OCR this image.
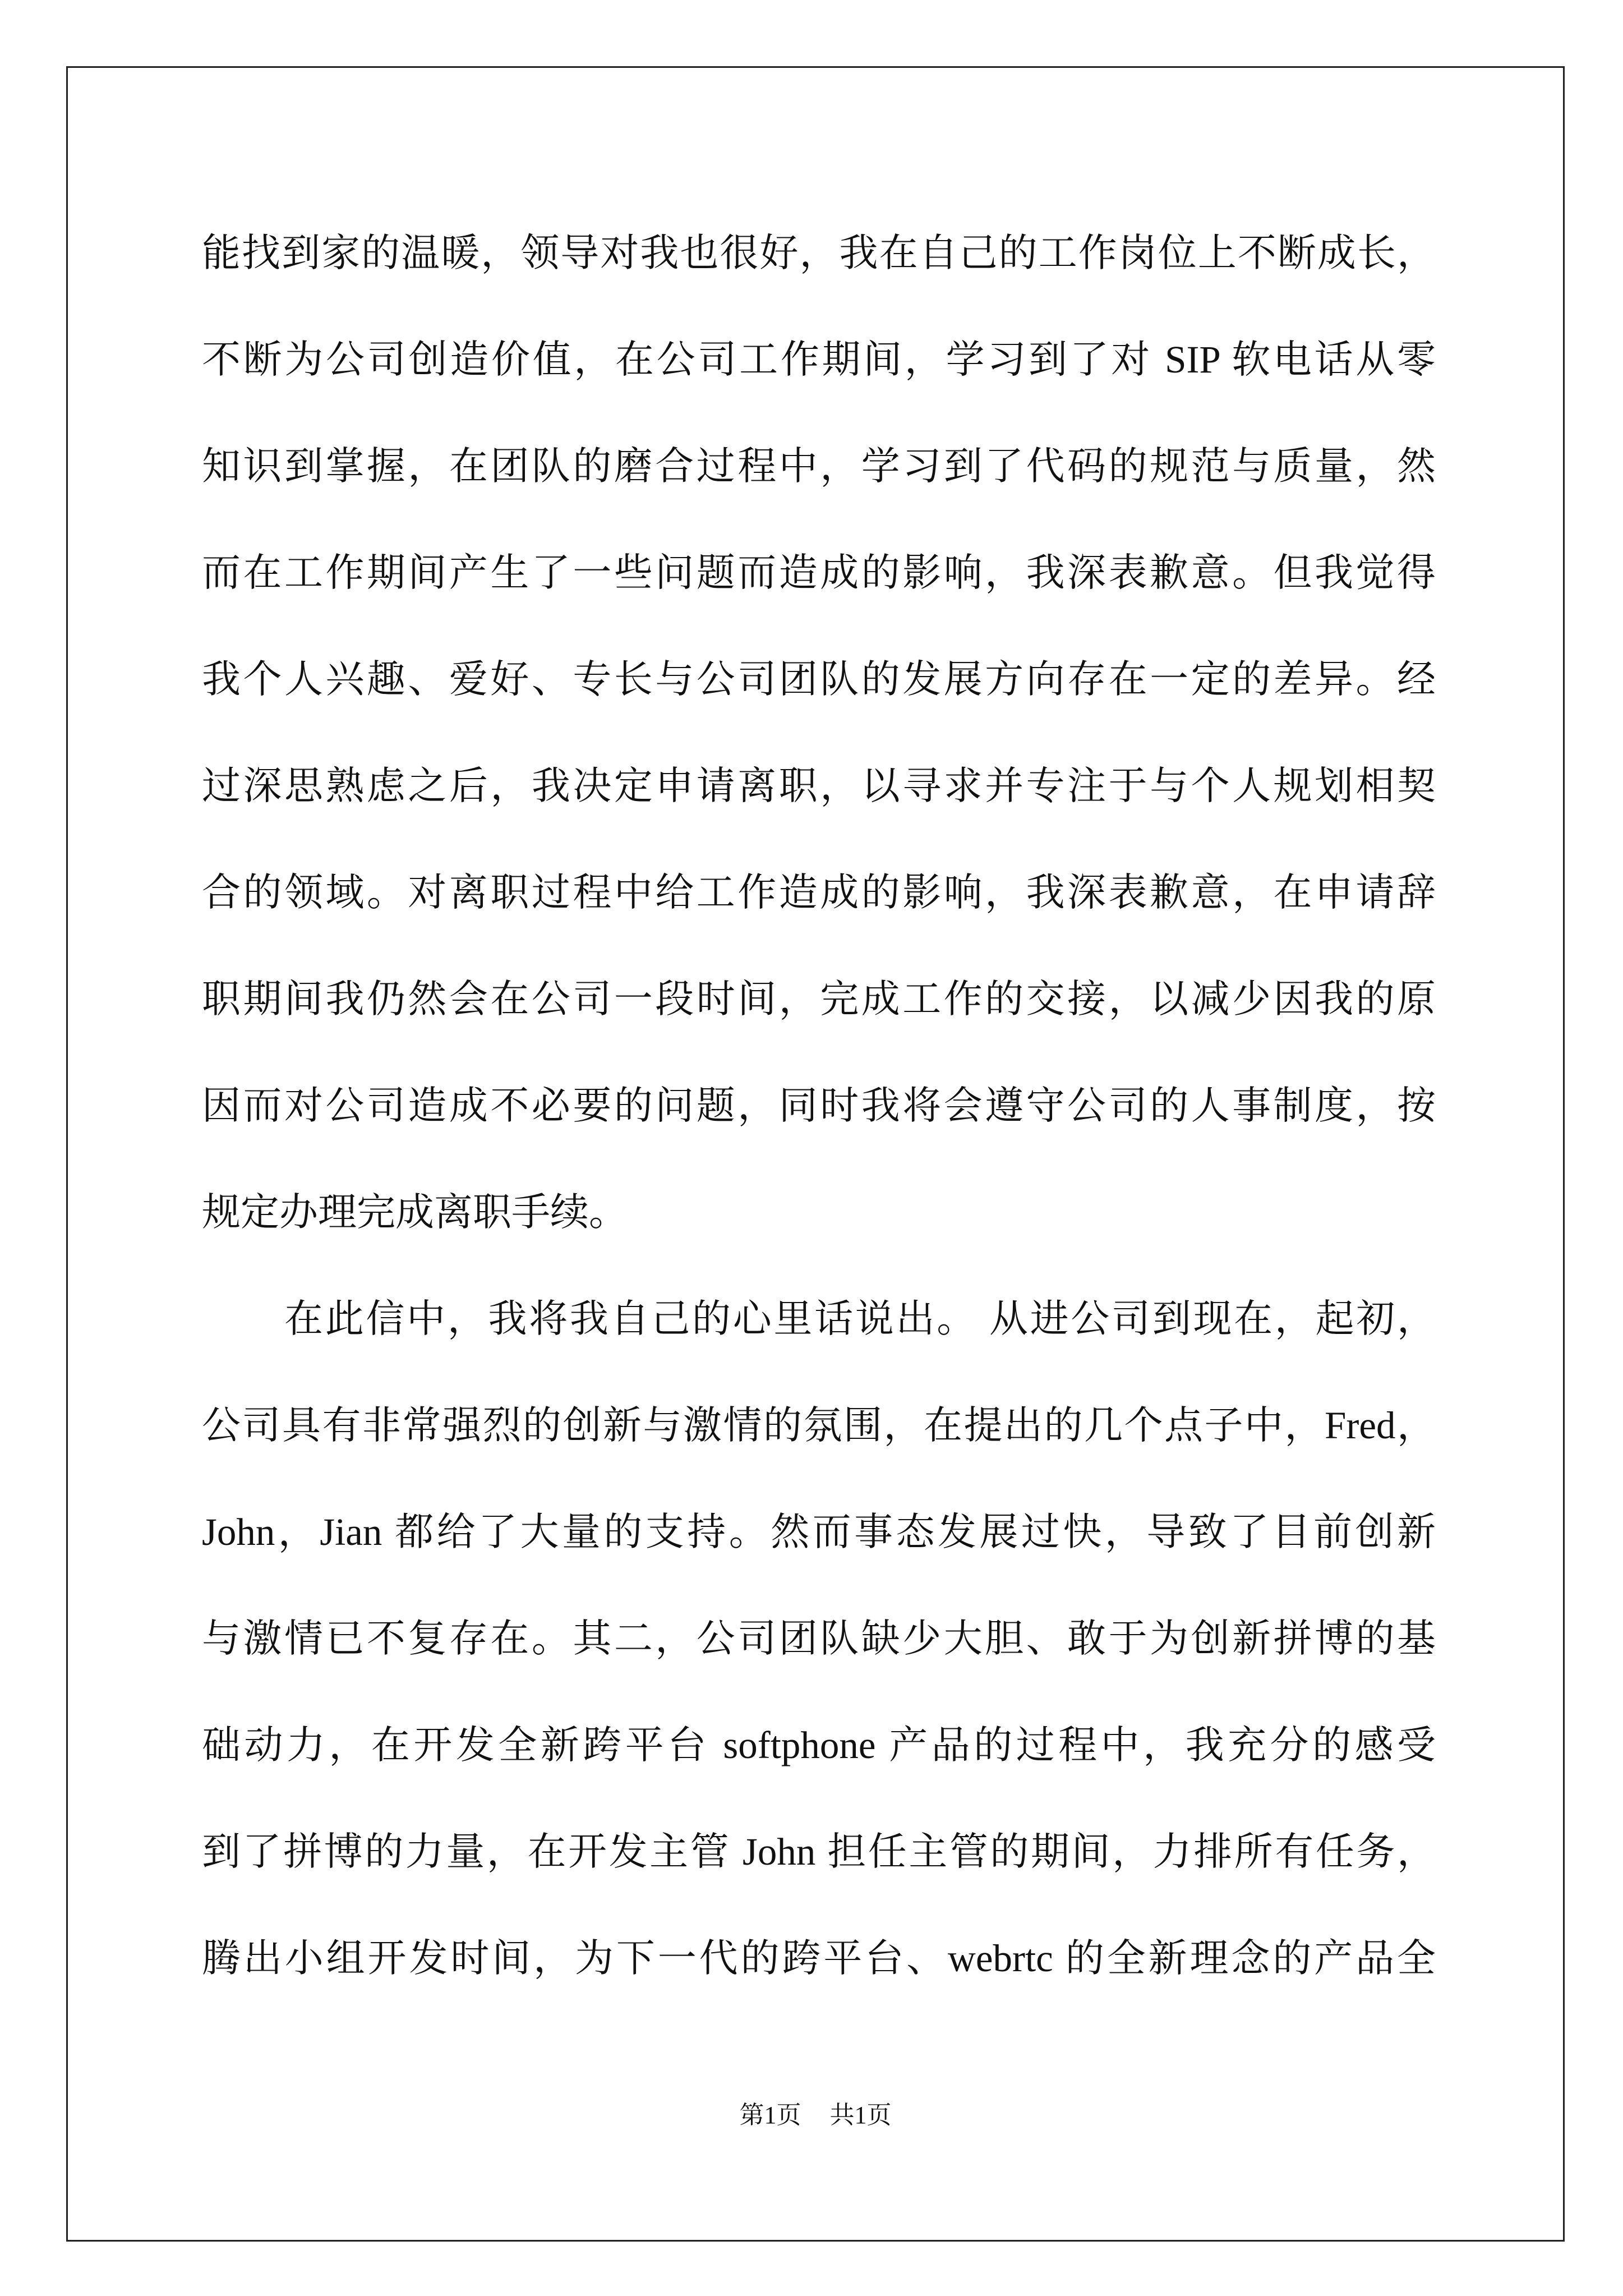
能找到家的温暖，领导对我也很好，我在自己的工作岗位上不断成长，
不断为公司创造价值，在公司工作期间，学习到了对 SIP 软电话从零
知识到掌握，在团队的磨合过程中，学习到了代码的规范与质量，然
而在工作期间产生了一些问题而造成的影响，我深表歉意。但我觉得
我个人兴趣、爱好、专长与公司团队的发展方向存在一定的差异。经
过深思熟虑之后，我决定申请离职，以寻求并专注于与个人规划相契
合的领域。对离职过程中给工作造成的影响，我深表歉意，在申请辞
职期间我仍然会在公司一段时间，完成工作的交接，以减少因我的原
因而对公司造成不必要的问题，同时我将会遵守公司的人事制度，按
规定办理完成离职手续。
在此信中，我将我自己的心里话说出。 从进公司到现在，起初，
公司具有非常强烈的创新与激情的氛围，在提出的几个点子中，Fred，
John，Jian 都给了大量的支持。然而事态发展过快，导致了目前创新
与激情已不复存在。其二，公司团队缺少大胆、敢于为创新拼博的基
础动力，在开发全新跨平台 softphone 产品的过程中，我充分的感受
到了拼博的力量，在开发主管 John 担任主管的期间，力排所有任务，
腾出小组开发时间，为下一代的跨平台、webrtc 的全新理念的产品全
第1页 共1页
